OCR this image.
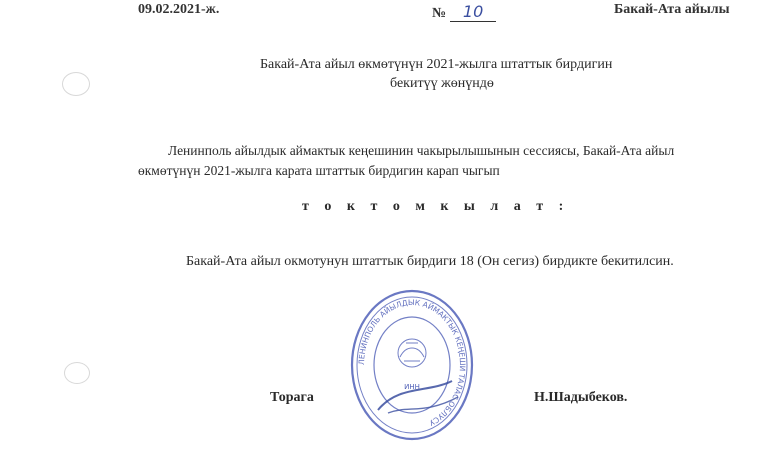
09.02.2021-ж.	№ 10	Бакай-Ата айылы
Бакай-Ата айыл өкмөтүнүн 2021-жылга штаттык бирдигин
бекитүү жөнүндө
Ленинполь айылдык аймактык кеңешинин чакырылышынын сессиясы, Бакай-Ата айыл
өкмөтүнүн 2021-жылга карата штаттык бирдигин карап чыгып
т о к т о м к ы л а т :
Бакай-Ата айыл окмотунун штаттык бирдиги 18 (Он сегиз) бирдикте бекитилсин.
ЛЕНИНПОЛЬ АЙЫЛДЫК АЙМАКТЫК КЕҢЕШИ ТАЛАС ОБЛУСУ
ИНН
Торага	Н.Шадыбеков.
